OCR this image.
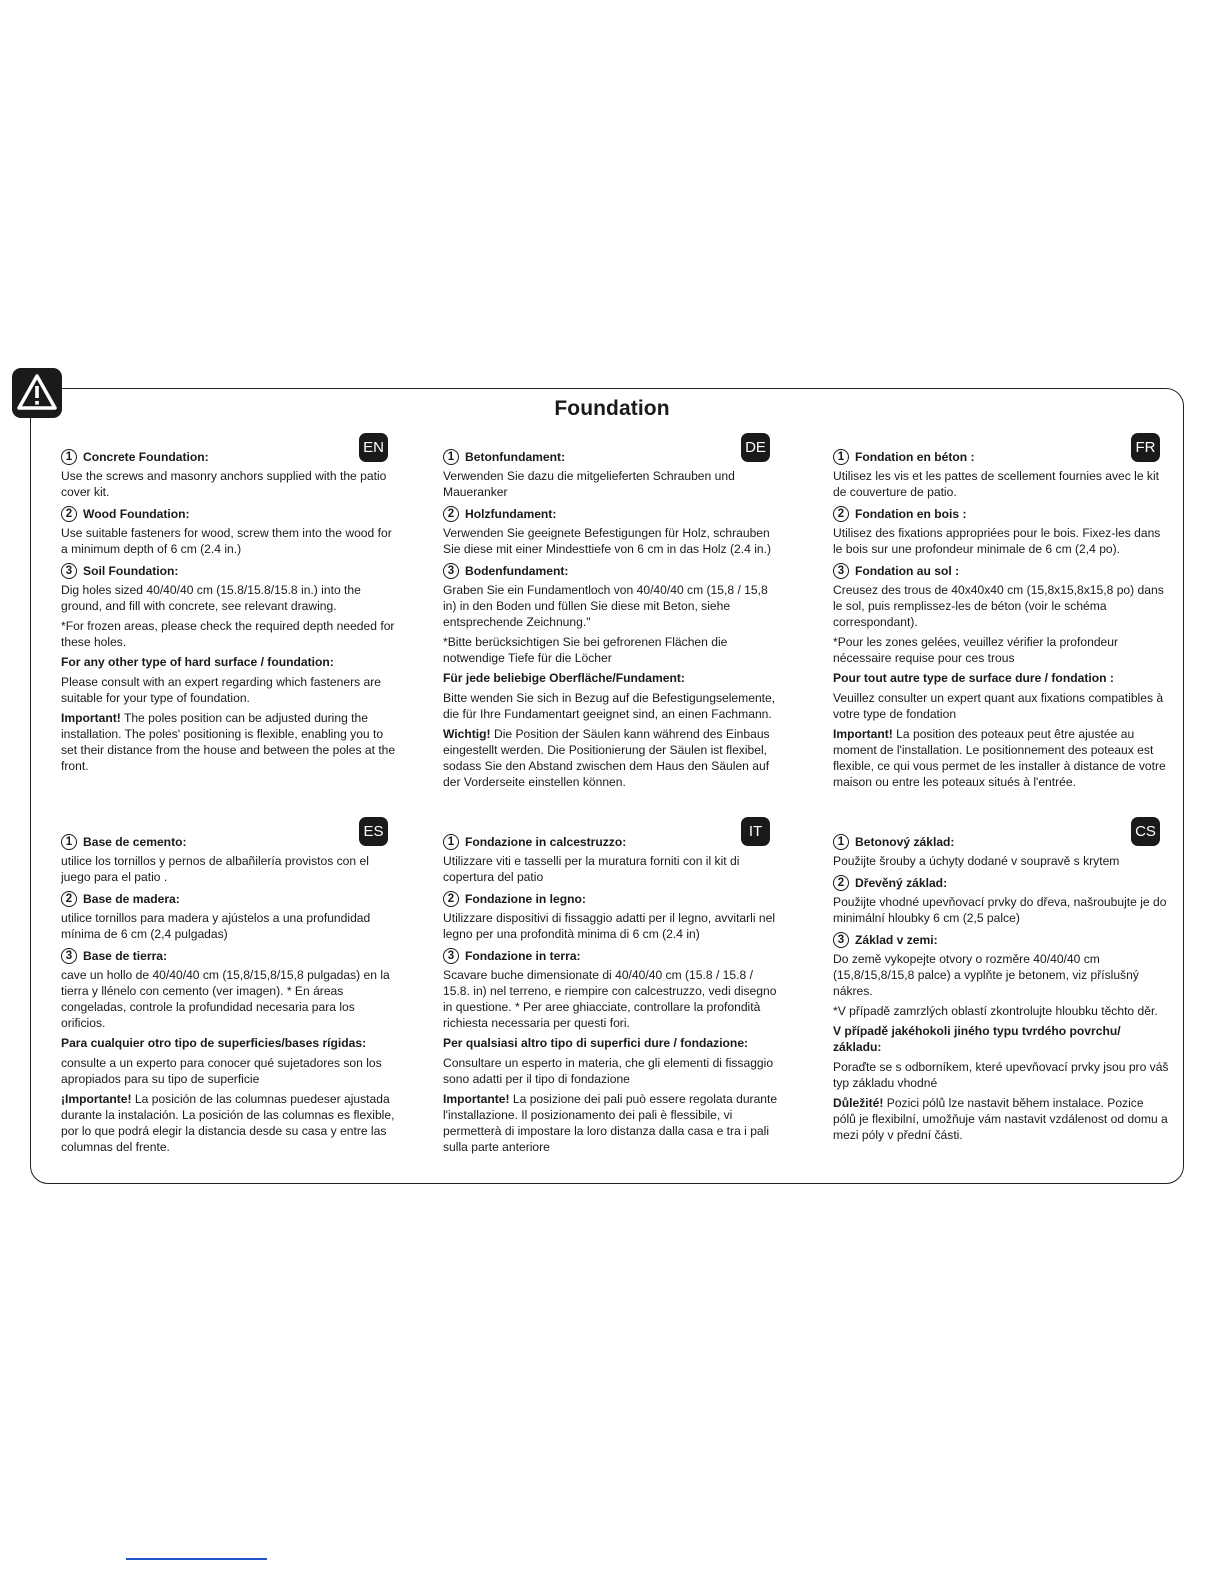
Foundation
EN
1 Concrete Foundation:

Use the screws and masonry anchors supplied with the patio cover kit.

2 Wood Foundation:

Use suitable fasteners for wood, screw them into the wood for a minimum depth of 6 cm (2.4 in.)

3 Soil Foundation:

Dig holes sized 40/40/40 cm (15.8/15.8/15.8 in.) into the ground, and fill with concrete, see relevant drawing.

*For frozen areas, please check the required depth needed for these holes.

For any other type of hard surface / foundation:

Please consult with an expert regarding which fasteners are suitable for your type of foundation.

Important! The poles position can be adjusted during the installation. The poles' positioning is flexible, enabling you to set their distance from the house and between the poles at the front.

DE
1 Betonfundament:

Verwenden Sie dazu die mitgelieferten Schrauben und Maueranker

2 Holzfundament:

Verwenden Sie geeignete Befestigungen für Holz, schrauben Sie diese mit einer Mindesttiefe von 6 cm in das Holz (2.4 in.)

3 Bodenfundament:

Graben Sie ein Fundamentloch von 40/40/40 cm (15,8 / 15,8 in) in den Boden und füllen Sie diese mit Beton, siehe entsprechende Zeichnung."

*Bitte berücksichtigen Sie bei gefrorenen Flächen die notwendige Tiefe für die Löcher

Für jede beliebige Oberfläche/Fundament:

Bitte wenden Sie sich in Bezug auf die Befestigungselemente, die für Ihre Fundamentart geeignet sind, an einen Fachmann.

Wichtig! Die Position der Säulen kann während des Einbaus eingestellt werden. Die Positionierung der Säulen ist flexibel, sodass Sie den Abstand zwischen dem Haus den Säulen auf der Vorderseite einstellen können.

FR
1 Fondation en béton :

Utilisez les vis et les pattes de scellement fournies avec le kit de couverture de patio.

2 Fondation en bois :

Utilisez des fixations appropriées pour le bois. Fixez-les dans le bois sur une profondeur minimale de 6 cm (2,4 po).

3 Fondation au sol :

Creusez des trous de 40x40x40 cm (15,8x15,8x15,8 po) dans le sol, puis remplissez-les de béton (voir le schéma correspondant).

*Pour les zones gelées, veuillez vérifier la profondeur nécessaire requise pour ces trous

Pour tout autre type de surface dure / fondation :

Veuillez consulter un expert quant aux fixations compatibles à votre type de fondation

Important! La position des poteaux peut être ajustée au moment de l'installation. Le positionnement des poteaux est flexible, ce qui vous permet de les installer à distance de votre maison ou entre les poteaux situés à l'entrée.

ES
1 Base de cemento:

utilice los tornillos y pernos de albañilería provistos con el juego para el patio .

2 Base de madera:

utilice tornillos para madera y ajústelos a una profundidad mínima de 6 cm (2,4 pulgadas)

3 Base de tierra:

cave un hollo de 40/40/40 cm (15,8/15,8/15,8 pulgadas) en la tierra y llénelo con cemento (ver imagen). * En áreas congeladas, controle la profundidad necesaria para los orificios.

Para cualquier otro tipo de superficies/bases rígidas:

consulte a un experto para conocer qué sujetadores son los apropiados para su tipo de superficie

¡Importante! La posición de las columnas puedeser ajustada durante la instalación. La posición de las columnas es flexible, por lo que podrá elegir la distancia desde su casa y entre las columnas del frente.

IT
1 Fondazione in calcestruzzo:

Utilizzare viti e tasselli per la muratura forniti con il kit di copertura del patio

2 Fondazione in legno:

Utilizzare dispositivi di fissaggio adatti per il legno, avvitarli nel legno per una profondità minima di 6 cm (2.4 in)

3 Fondazione in terra:

Scavare buche dimensionate di 40/40/40 cm (15.8 / 15.8 / 15.8. in) nel terreno, e riempire con calcestruzzo, vedi disegno in questione. * Per aree ghiacciate, controllare la profondità richiesta necessaria per questi fori.

Per qualsiasi altro tipo di superfici dure / fondazione:

Consultare un esperto in materia, che gli elementi di fissaggio sono adatti per il tipo di fondazione

Importante! La posizione dei pali può essere regolata durante l'installazione. Il posizionamento dei pali è flessibile, vi permetterà di impostare la loro distanza dalla casa e tra i pali sulla parte anteriore

CS
1 Betonový základ:

Použijte šrouby a úchyty dodané v soupravě s krytem

2 Dřevěný základ:

Použijte vhodné upevňovací prvky do dřeva, našroubujte je do minimální hloubky 6 cm (2,5 palce)

3 Základ v zemi:

Do země vykopejte otvory o rozměre 40/40/40 cm (15,8/15,8/15,8 palce) a vyplňte je betonem, viz příslušný nákres.

*V případě zamrzlých oblastí zkontrolujte hloubku těchto děr.

V případě jakéhokoli jiného typu tvrdého povrchu/ základu:

Poraďte se s odborníkem, které upevňovací prvky jsou pro váš typ základu vhodné

Důležité! Pozici pólů lze nastavit během instalace. Pozice pólů je flexibilní, umožňuje vám nastavit vzdálenost od domu a mezi póly v přední části.
